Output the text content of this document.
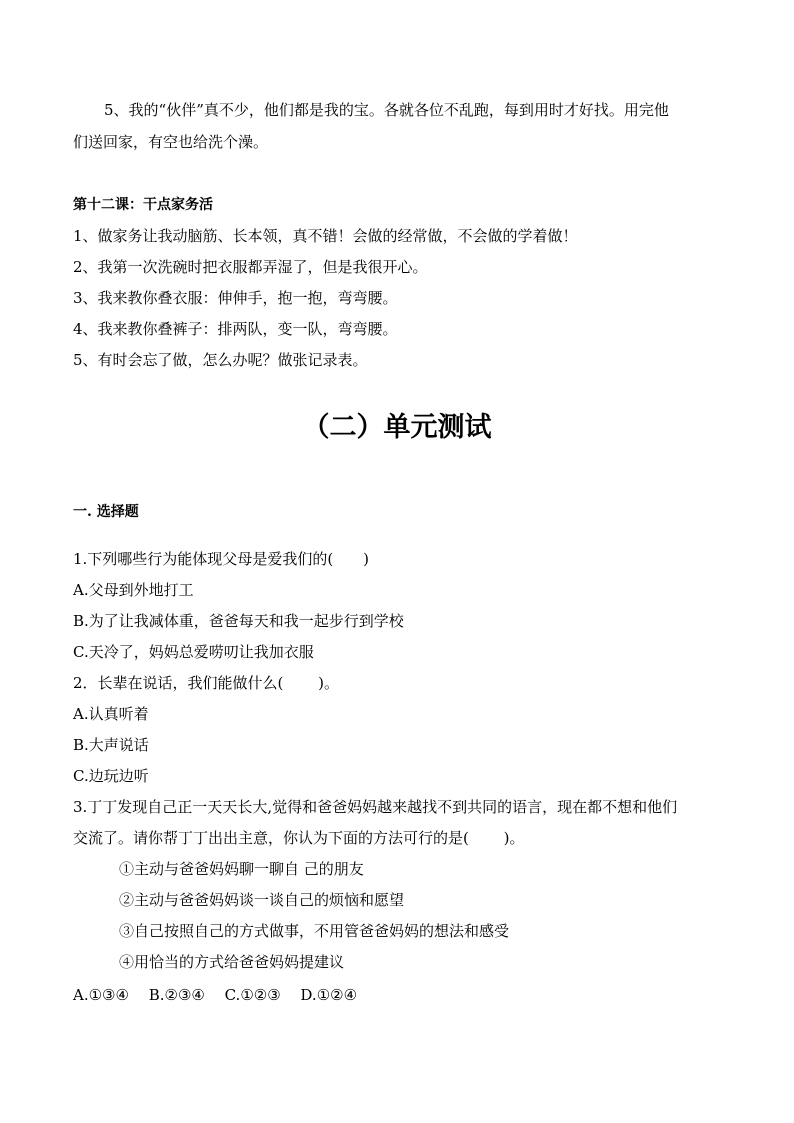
5、我的“伙伴”真不少，他们都是我的宝。各就各位不乱跑，每到用时才好找。用完他
们送回家，有空也给洗个澡。
第十二课：干点家务活
1、做家务让我动脑筋、长本领，真不错！会做的经常做，不会做的学着做！
2、我第一次洗碗时把衣服都弄湿了，但是我很开心。
3、我来教你叠衣服：伸伸手，抱一抱，弯弯腰。
4、我来教你叠裤子：排两队，变一队，弯弯腰。
5、有时会忘了做，怎么办呢？做张记录表。
（二）单元测试
一. 选择题
1.下列哪些行为能体现父母是爱我们的(　　)
A.父母到外地打工
B.为了让我减体重，爸爸每天和我一起步行到学校
C.天冷了，妈妈总爱唠叨让我加衣服
2．长辈在说话，我们能做什么(　　 )。
A.认真听着
B.大声说话
C.边玩边听
3.丁丁发现自己正一天天长大,觉得和爸爸妈妈越来越找不到共同的语言，现在都不想和他们
交流了。请你帮丁丁出出主意，你认为下面的方法可行的是(　　 )。
①主动与爸爸妈妈聊一聊自 己的朋友
②主动与爸爸妈妈谈一谈自己的烦恼和愿望
③自己按照自己的方式做事，不用管爸爸妈妈的想法和感受
④用恰当的方式给爸爸妈妈提建议
A.①③④　 B.②③④　 C.①②③　 D.①②④
